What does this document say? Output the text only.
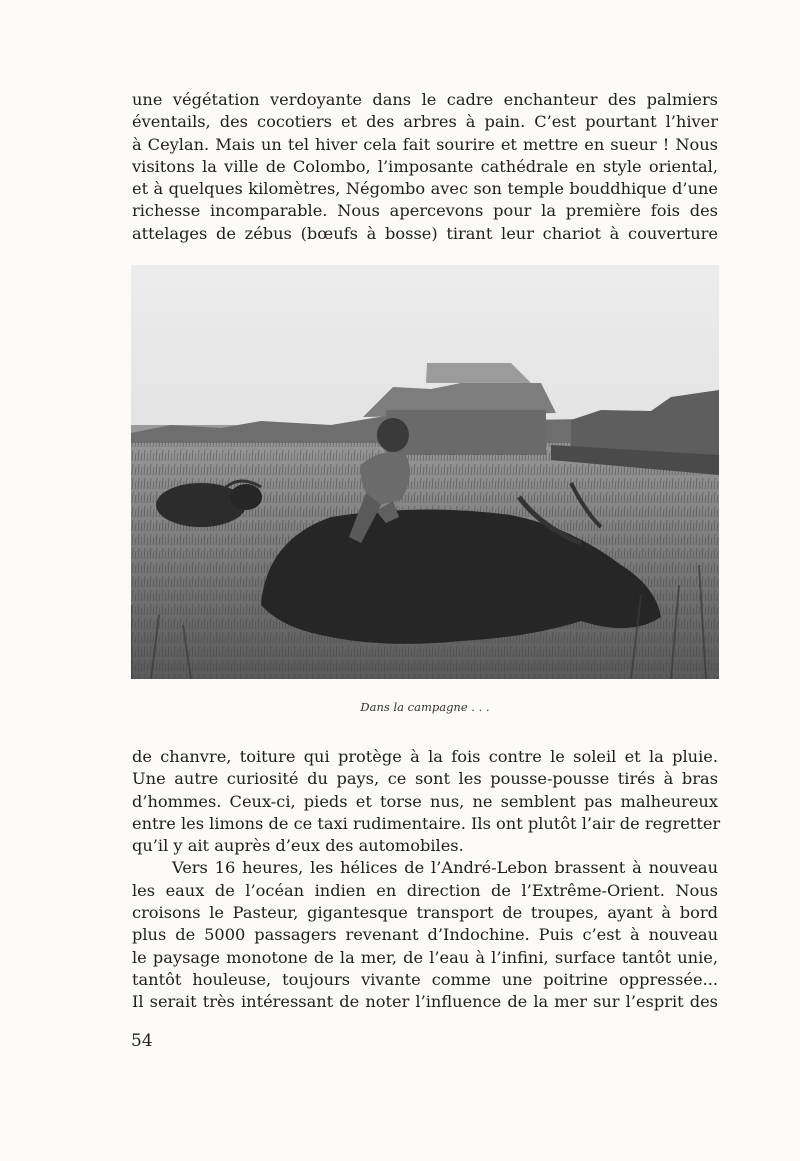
une végétation verdoyante dans le cadre enchanteur des palmiers
éventails, des cocotiers et des arbres à pain. C’est pourtant l’hiver
à Ceylan. Mais un tel hiver cela fait sourire et mettre en sueur ! Nous
visitons la ville de Colombo, l’imposante cathédrale en style oriental,
et à quelques kilomètres, Négombo avec son temple bouddhique d’une
richesse incomparable. Nous apercevons pour la première fois des
attelages de zébus (bœufs à bosse) tirant leur chariot à couverture
Dans la campagne . . .
de chanvre, toiture qui protège à la fois contre le soleil et la pluie.
Une autre curiosité du pays, ce sont les pousse-pousse tirés à bras
d’hommes. Ceux-ci, pieds et torse nus, ne semblent pas malheureux
entre les limons de ce taxi rudimentaire. Ils ont plutôt l’air de regretter
qu’il y ait auprès d’eux des automobiles.
Vers 16 heures, les hélices de l’André-Lebon brassent à nouveau
les eaux de l’océan indien en direction de l’Extrême-Orient. Nous
croisons le Pasteur, gigantesque transport de troupes, ayant à bord
plus de 5000 passagers revenant d’Indochine. Puis c’est à nouveau
le paysage monotone de la mer, de l’eau à l’infini, surface tantôt unie,
tantôt houleuse, toujours vivante comme une poitrine oppressée...
Il serait très intéressant de noter l’influence de la mer sur l’esprit des
54
